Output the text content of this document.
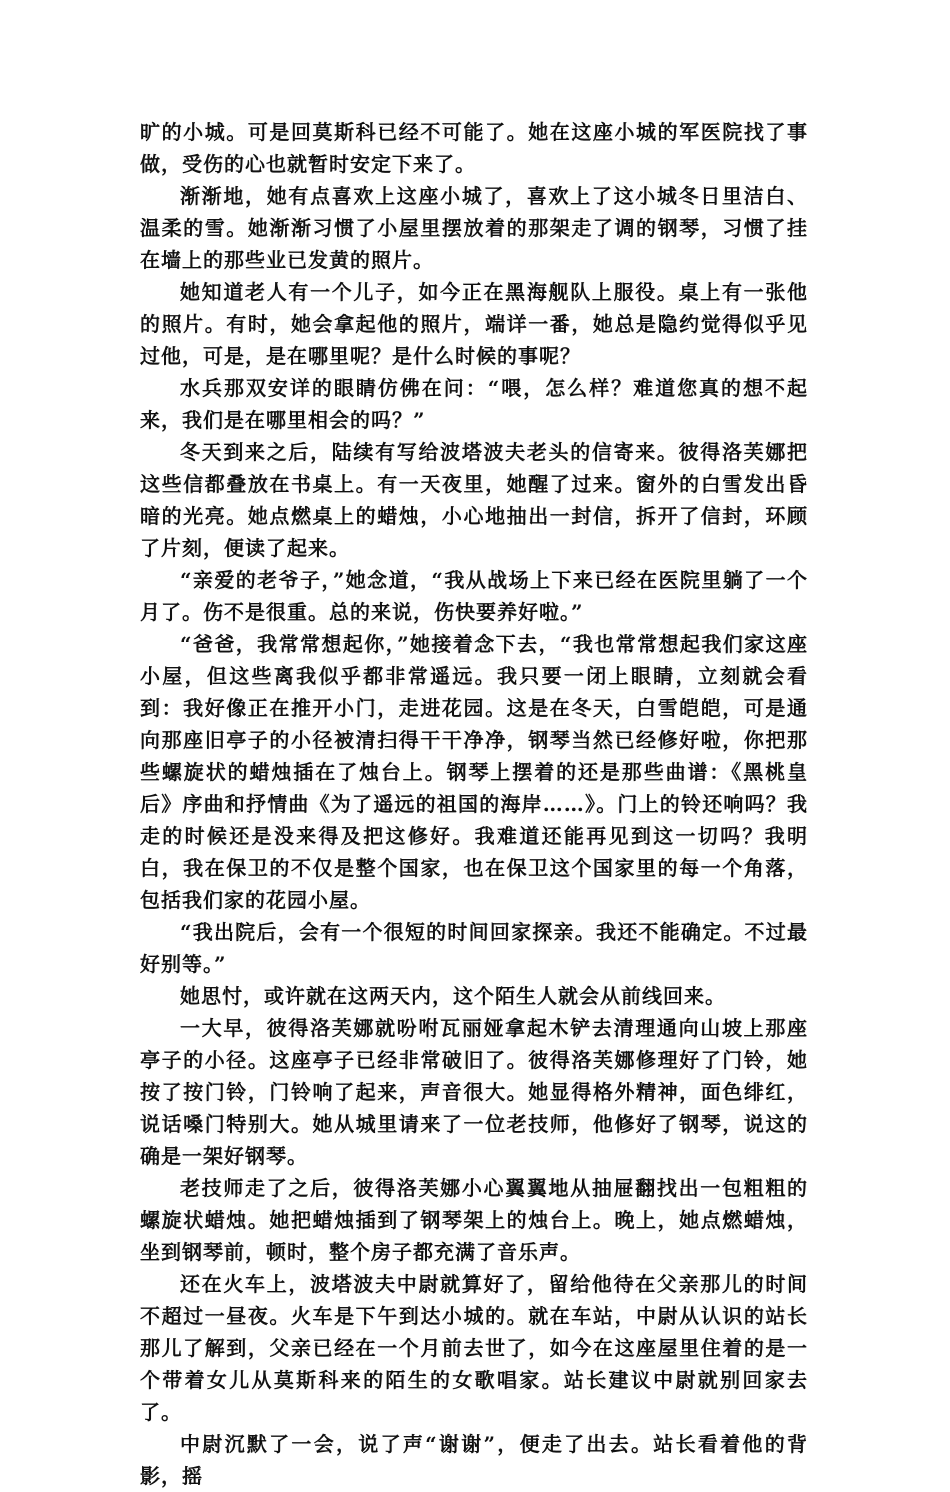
旷的小城。可是回莫斯科已经不可能了。她在这座小城的军医院找了事做，受伤的心也就暂时安定下来了。

渐渐地，她有点喜欢上这座小城了，喜欢上了这小城冬日里洁白、温柔的雪。她渐渐习惯了小屋里摆放着的那架走了调的钢琴，习惯了挂在墙上的那些业已发黄的照片。

她知道老人有一个儿子，如今正在黑海舰队上服役。桌上有一张他的照片。有时，她会拿起他的照片，端详一番，她总是隐约觉得似乎见过他，可是，是在哪里呢？是什么时候的事呢？

水兵那双安详的眼睛仿佛在问：“喂，怎么样？难道您真的想不起来，我们是在哪里相会的吗？”

冬天到来之后，陆续有写给波塔波夫老头的信寄来。彼得洛芙娜把这些信都叠放在书桌上。有一天夜里，她醒了过来。窗外的白雪发出昏暗的光亮。她点燃桌上的蜡烛，小心地抽出一封信，拆开了信封，环顾了片刻，便读了起来。

“亲爱的老爷子，”她念道，“我从战场上下来已经在医院里躺了一个月了。伤不是很重。总的来说，伤快要养好啦。”

“爸爸，我常常想起你，”她接着念下去，“我也常常想起我们家这座小屋，但这些离我似乎都非常遥远。我只要一闭上眼睛，立刻就会看到：我好像正在推开小门，走进花园。这是在冬天，白雪皑皑，可是通向那座旧亭子的小径被清扫得干干净净，钢琴当然已经修好啦，你把那些螺旋状的蜡烛插在了烛台上。钢琴上摆着的还是那些曲谱：《黑桃皇后》序曲和抒情曲《为了遥远的祖国的海岸……》。门上的铃还响吗？我走的时候还是没来得及把这修好。我难道还能再见到这一切吗？我明白，我在保卫的不仅是整个国家，也在保卫这个国家里的每一个角落，包括我们家的花园小屋。

“我出院后，会有一个很短的时间回家探亲。我还不能确定。不过最好别等。”

她思忖，或许就在这两天内，这个陌生人就会从前线回来。

一大早，彼得洛芙娜就吩咐瓦丽娅拿起木铲去清理通向山坡上那座亭子的小径。这座亭子已经非常破旧了。彼得洛芙娜修理好了门铃，她按了按门铃，门铃响了起来，声音很大。她显得格外精神，面色绯红，说话嗓门特别大。她从城里请来了一位老技师，他修好了钢琴，说这的确是一架好钢琴。

老技师走了之后，彼得洛芙娜小心翼翼地从抽屉翻找出一包粗粗的螺旋状蜡烛。她把蜡烛插到了钢琴架上的烛台上。晚上，她点燃蜡烛，坐到钢琴前，顿时，整个房子都充满了音乐声。

还在火车上，波塔波夫中尉就算好了，留给他待在父亲那儿的时间不超过一昼夜。火车是下午到达小城的。就在车站，中尉从认识的站长那儿了解到，父亲已经在一个月前去世了，如今在这座屋里住着的是一个带着女儿从莫斯科来的陌生的女歌唱家。站长建议中尉就别回家去了。

中尉沉默了一会，说了声“谢谢”，便走了出去。站长看着他的背影，摇
